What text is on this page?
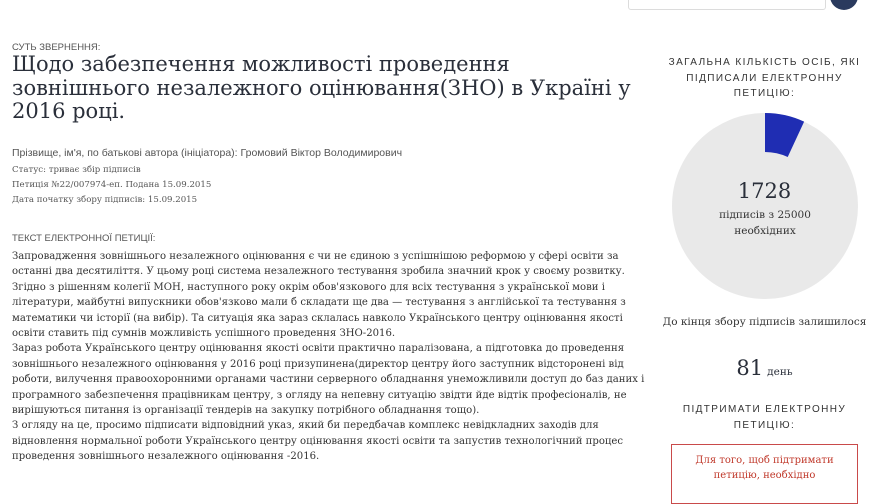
СУТЬ ЗВЕРНЕННЯ:
Щодо забезпечення можливості проведення зовнішнього незалежного оцінювання(ЗНО) в Україні у 2016 році.
Прізвище, ім'я, по батькові автора (ініціатора): Громовий Віктор Володимирович
Статус: триває збір підписів
Петиція №22/007974-еп. Подана 15.09.2015
Дата початку збору підписів: 15.09.2015
ТЕКСТ ЕЛЕКТРОННОЇ ПЕТИЦІЇ:

Запровадження зовнішнього незалежного оцінювання є чи не єдиною з успішнішою реформою у сфері освіти за останні два десятиліття. У цьому році система незалежного тестування зробила значний крок у своєму розвитку. Згідно з рішенням колегії МОН, наступного року окрім обов'язкового для всіх тестування з української мови і літератури, майбутні випускники обов'язково мали б складати ще два — тестування з англійської та тестування з математики чи історії (на вибір). Та ситуація яка зараз склалась навколо Українського центру оцінювання якості освіти ставить під сумнів можливість успішного проведення ЗНО-2016.

Зараз робота Українського центру оцінювання якості освіти практично паралізована, а підготовка до проведення зовнішнього незалежного оцінювання у 2016 році призупинена(директор центру його заступник відсторонені від роботи, вилучення правоохоронними органами частини серверного обладнання унеможливили доступ до баз даних і програмного забезпечення працівникам центру, з огляду на непевну ситуацію звідти йде відтік професіоналів, не вирішуються питання із організації тендерів на закупку потрібного обладнання тощо).

З огляду на це, просимо підписати відповідний указ, який би передбачав комплекс невідкладних заходів для відновлення нормальної роботи Українського центру оцінювання якості освіти та запустив технологічний процес проведення зовнішнього незалежного оцінювання -2016.

ЗАГАЛЬНА КІЛЬКІСТЬ ОСІБ, ЯКІ ПІДПИСАЛИ ЕЛЕКТРОННУ ПЕТИЦІЮ:
1728
підписів з 25000 необхідних
До кінця збору підписів залишилося
81 день
ПІДТРИМАТИ ЕЛЕКТРОННУ ПЕТИЦІЮ:
Для того, щоб підтримати петицію, необхідно
